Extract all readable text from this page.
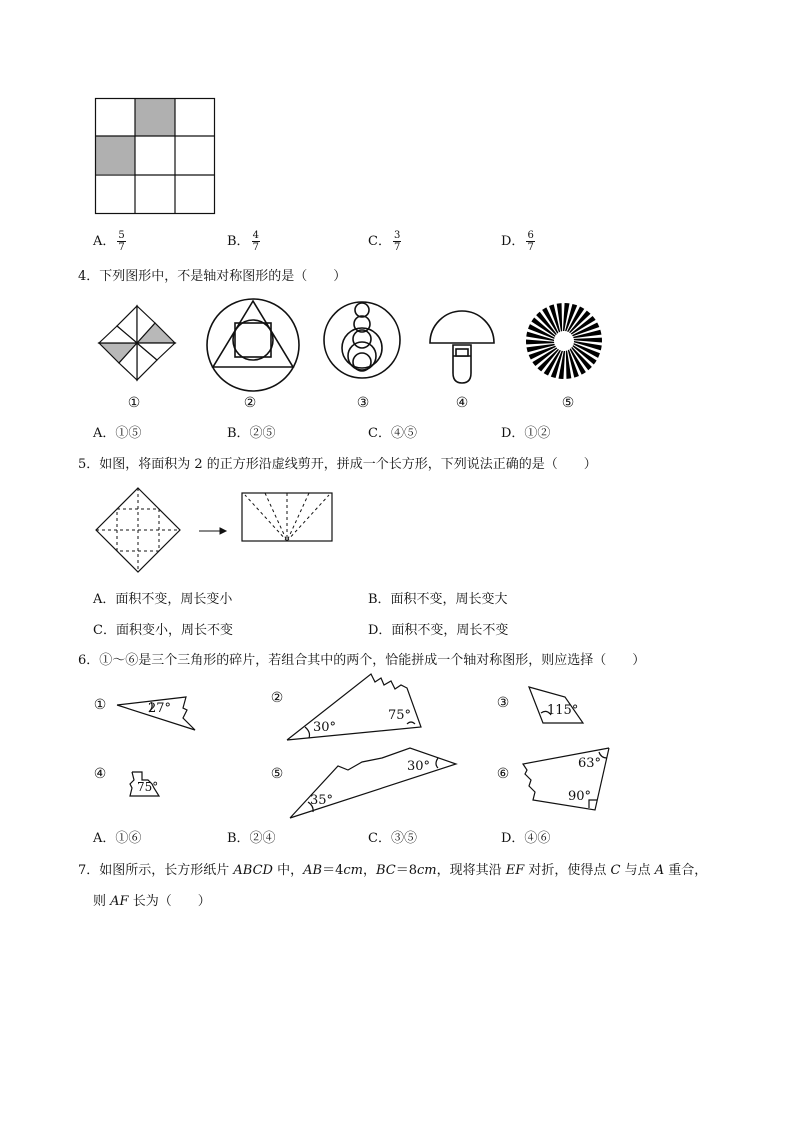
A． $\frac{5}{7}$	B． $\frac{4}{7}$	C． $\frac{3}{7}$	D． $\frac{6}{7}$
4．下列图形中，不是轴对称图形的是（　　）
①	②	③	④	⑤
A．①⑤	B．②⑤	C．④⑤	D．①②
5．如图，将面积为 2 的正方形沿虚线剪开，拼成一个长方形，下列说法正确的是（　　）
A．面积不变，周长变小	B．面积不变，周长变大
C．面积变小，周长不变	D．面积不变，周长不变
6．①～⑥是三个三角形的碎片，若组合其中的两个，恰能拼成一个轴对称图形，则应选择（　　）
①	②	③
④	⑤	⑥
27°
30°
75°	115°
75°
35°
30°	63°
90°
A．①⑥	B．②④	C．③⑤	D．④⑥
7．如图所示，长方形纸片 ABCD 中，AB＝4cm，BC＝8cm，现将其沿 EF 对折，使得点 C 与点 A 重合，
则 AF 长为（　　）
